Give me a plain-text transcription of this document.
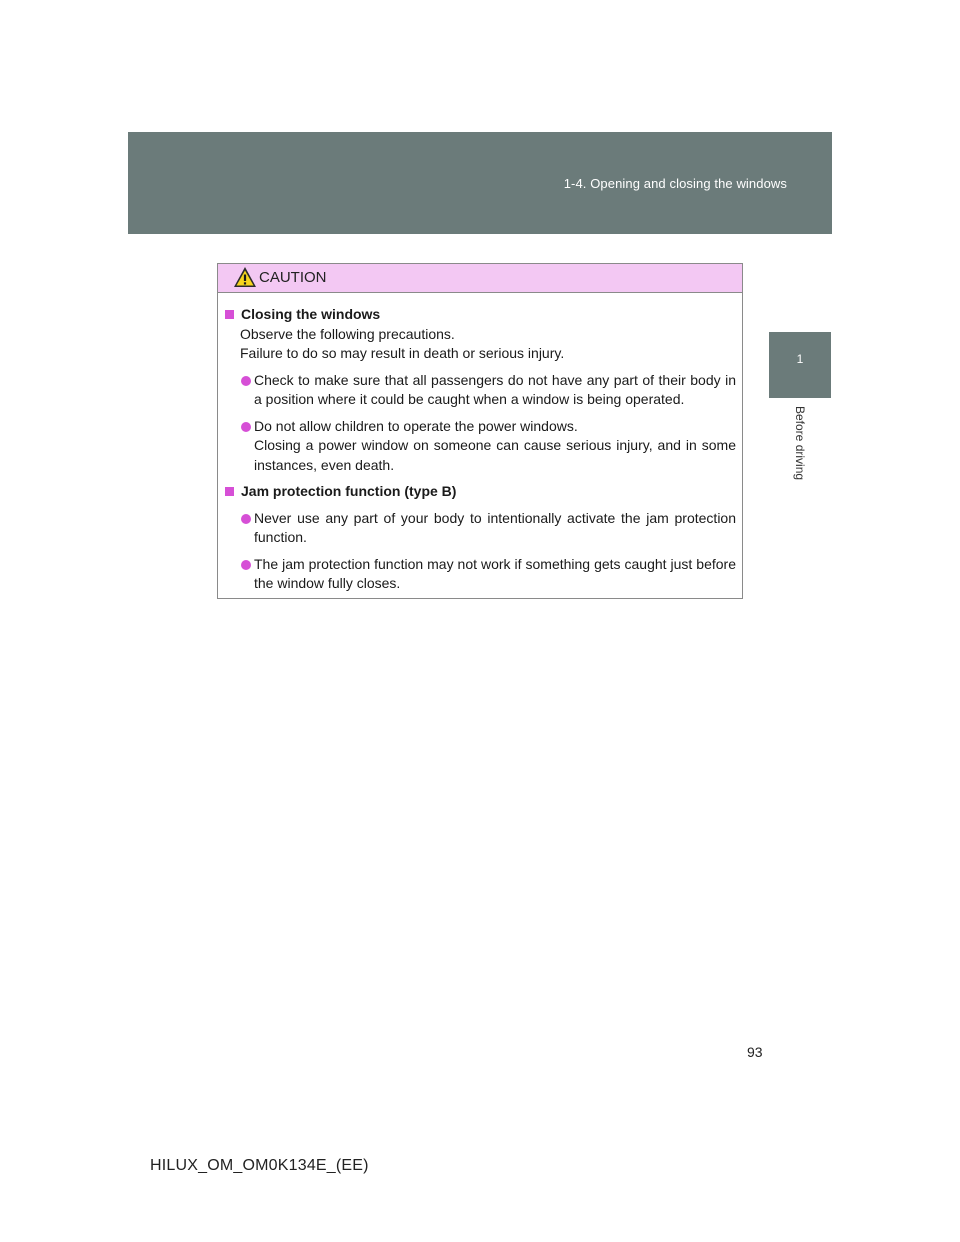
1-4. Opening and closing the windows
1
Before driving
CAUTION
Closing the windows
Observe the following precautions.
Failure to do so may result in death or serious injury.
Check to make sure that all passengers do not have any part of their body in a position where it could be caught when a window is being operated.
Do not allow children to operate the power windows.
Closing a power window on someone can cause serious injury, and in some instances, even death.
Jam protection function (type B)
Never use any part of your body to intentionally activate the jam protection function.
The jam protection function may not work if something gets caught just before the window fully closes.
93
HILUX_OM_OM0K134E_(EE)
